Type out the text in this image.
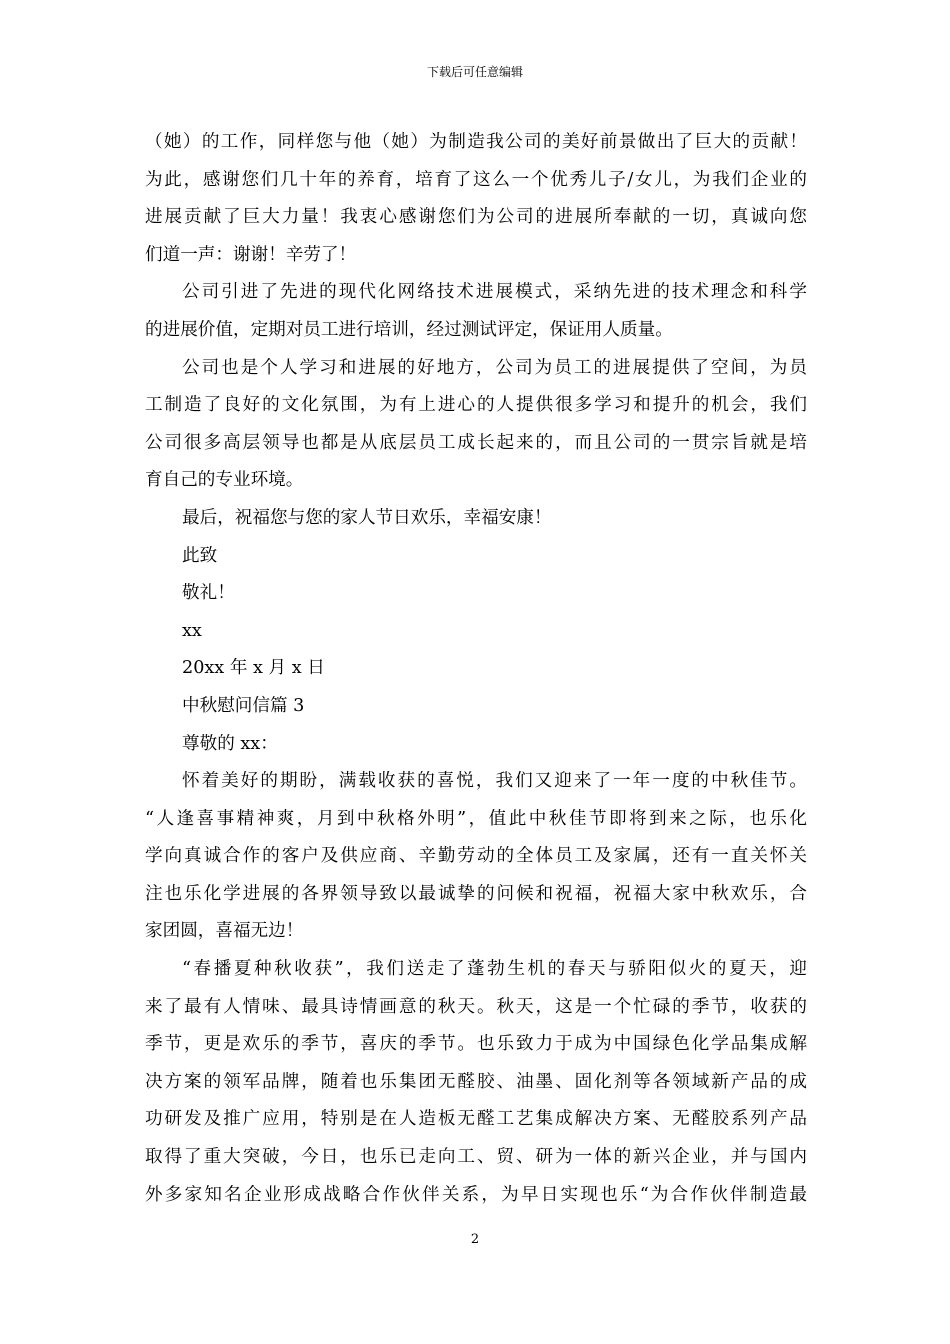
下载后可任意编辑
（她）的工作，同样您与他（她）为制造我公司的美好前景做出了巨大的贡献！
为此，感谢您们几十年的养育，培育了这么一个优秀儿子/女儿，为我们企业的
进展贡献了巨大力量！我衷心感谢您们为公司的进展所奉献的一切，真诚向您
们道一声：谢谢！辛劳了！
公司引进了先进的现代化网络技术进展模式，采纳先进的技术理念和科学
的进展价值，定期对员工进行培训，经过测试评定，保证用人质量。
公司也是个人学习和进展的好地方，公司为员工的进展提供了空间，为员
工制造了良好的文化氛围，为有上进心的人提供很多学习和提升的机会，我们
公司很多高层领导也都是从底层员工成长起来的，而且公司的一贯宗旨就是培
育自己的专业环境。
最后，祝福您与您的家人节日欢乐，幸福安康！
此致
敬礼！
xx
20xx 年 x 月 x 日
中秋慰问信篇 3
尊敬的 xx：
怀着美好的期盼，满载收获的喜悦，我们又迎来了一年一度的中秋佳节。
“人逢喜事精神爽，月到中秋格外明”，值此中秋佳节即将到来之际，也乐化
学向真诚合作的客户及供应商、辛勤劳动的全体员工及家属，还有一直关怀关
注也乐化学进展的各界领导致以最诚挚的问候和祝福，祝福大家中秋欢乐，合
家团圆，喜福无边！
“春播夏种秋收获”，我们送走了蓬勃生机的春天与骄阳似火的夏天，迎
来了最有人情味、最具诗情画意的秋天。秋天，这是一个忙碌的季节，收获的
季节，更是欢乐的季节，喜庆的季节。也乐致力于成为中国绿色化学品集成解
决方案的领军品牌，随着也乐集团无醛胶、油墨、固化剂等各领域新产品的成
功研发及推广应用，特别是在人造板无醛工艺集成解决方案、无醛胶系列产品
取得了重大突破，今日，也乐已走向工、贸、研为一体的新兴企业，并与国内
外多家知名企业形成战略合作伙伴关系，为早日实现也乐“为合作伙伴制造最
2
